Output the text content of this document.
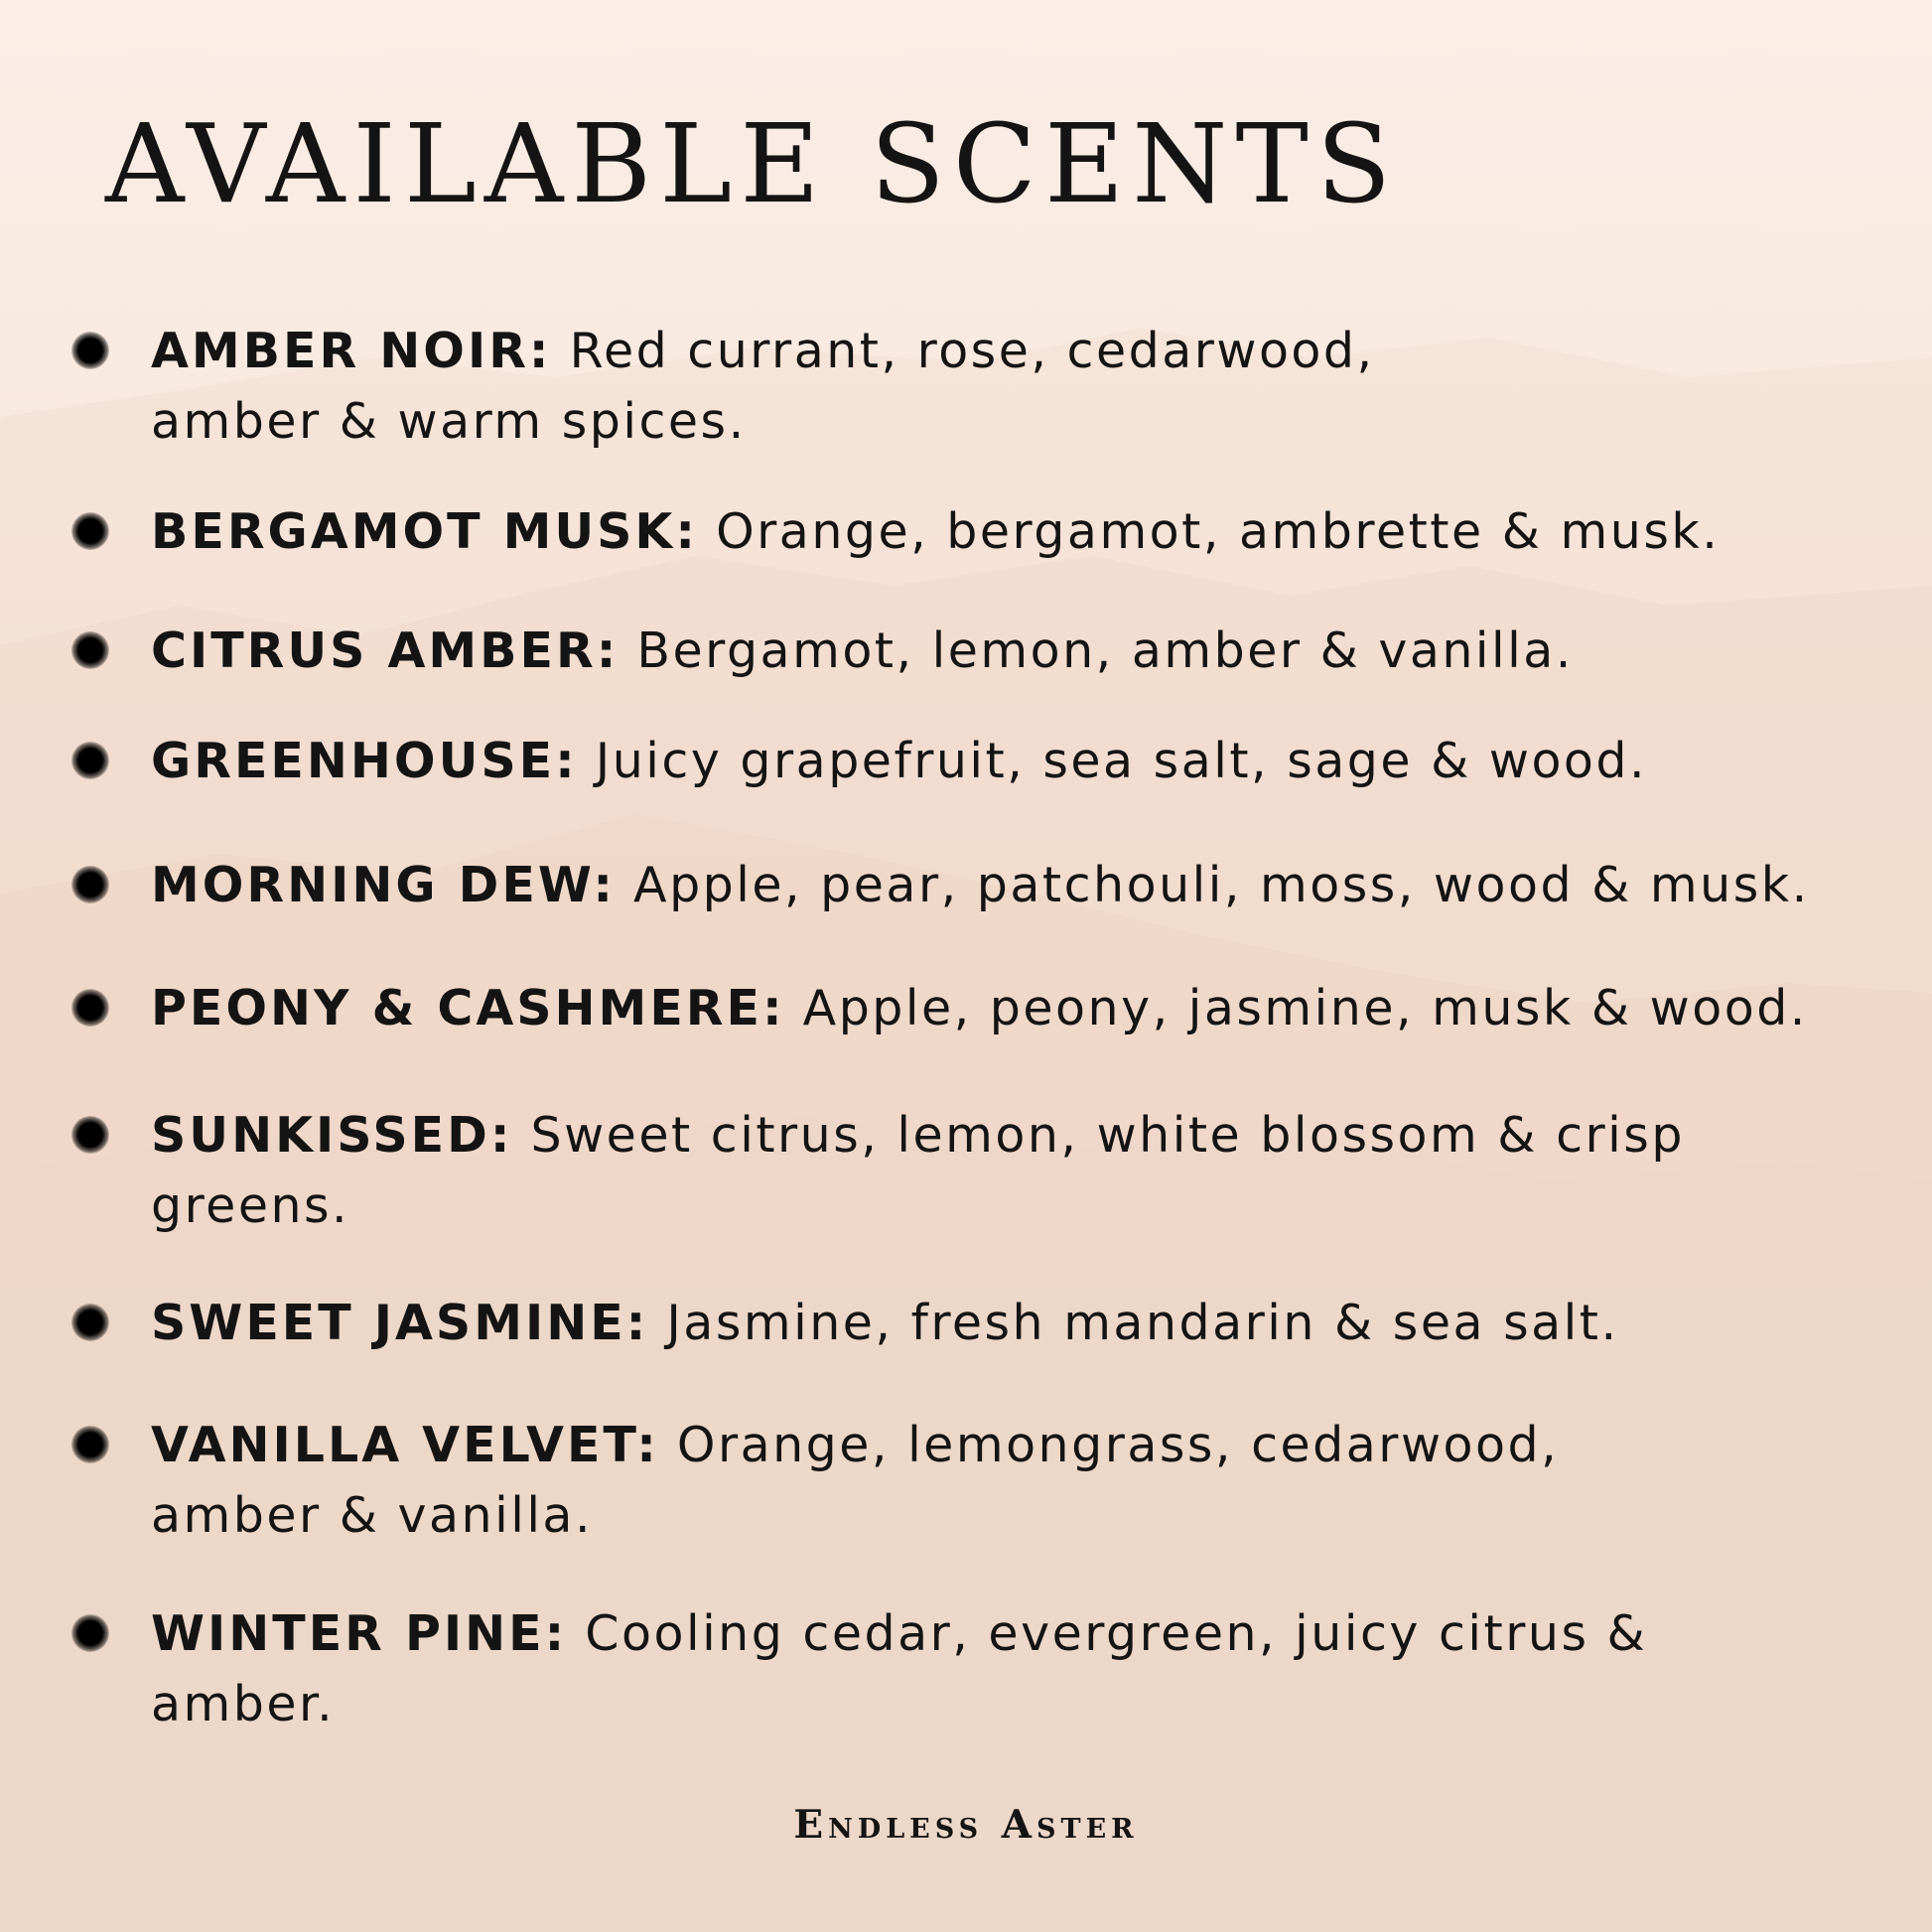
AVAILABLE SCENTS

AMBER NOIR: Red currant, rose, cedarwood,
amber & warm spices.

BERGAMOT MUSK: Orange, bergamot, ambrette & musk.

CITRUS AMBER: Bergamot, lemon, amber & vanilla.

GREENHOUSE: Juicy grapefruit, sea salt, sage & wood.

MORNING DEW: Apple, pear, patchouli, moss, wood & musk.

PEONY & CASHMERE: Apple, peony, jasmine, musk & wood.

SUNKISSED: Sweet citrus, lemon, white blossom & crisp
greens.

SWEET JASMINE: Jasmine, fresh mandarin & sea salt.

VANILLA VELVET: Orange, lemongrass, cedarwood,
amber & vanilla.

WINTER PINE: Cooling cedar, evergreen, juicy citrus &
amber.

Endless Aster
